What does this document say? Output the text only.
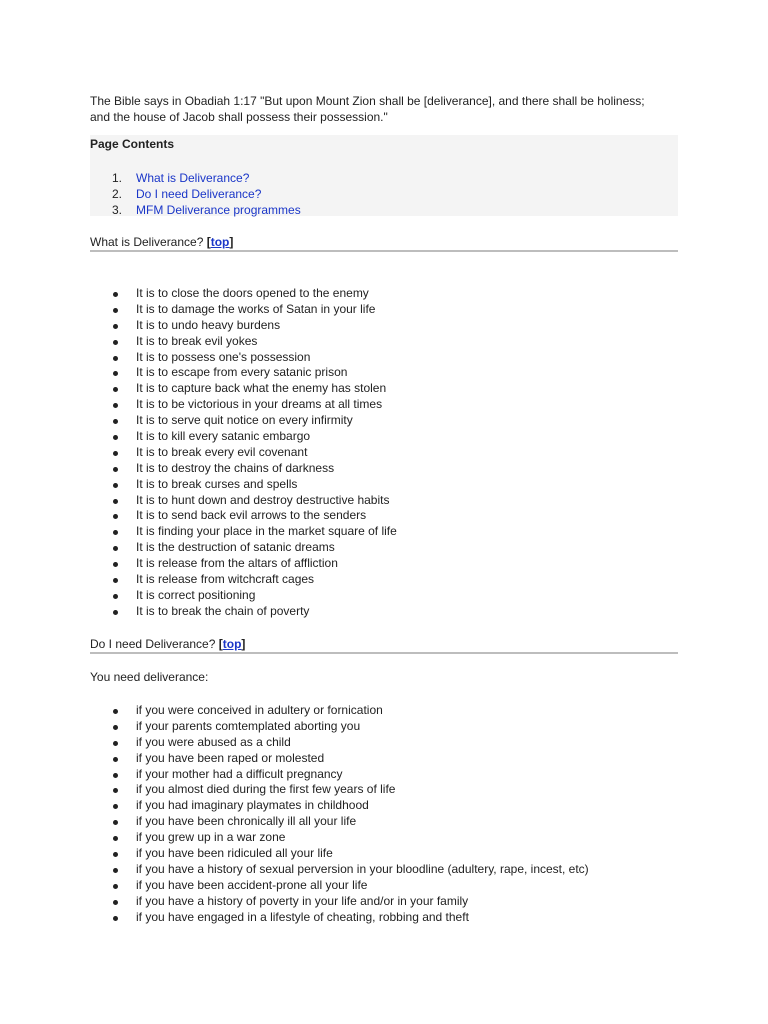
The Bible says in Obadiah 1:17 "But upon Mount Zion shall be [deliverance], and there shall be holiness;
and the house of Jacob shall possess their possession."

Page Contents

1. What is Deliverance?
2. Do I need Deliverance?
3. MFM Deliverance programmes
What is Deliverance? [top]
It is to close the doors opened to the enemy
It is to damage the works of Satan in your life
It is to undo heavy burdens
It is to break evil yokes
It is to possess one's possession
It is to escape from every satanic prison
It is to capture back what the enemy has stolen
It is to be victorious in your dreams at all times
It is to serve quit notice on every infirmity
It is to kill every satanic embargo
It is to break every evil covenant
It is to destroy the chains of darkness
It is to break curses and spells
It is to hunt down and destroy destructive habits
It is to send back evil arrows to the senders
It is finding your place in the market square of life
It is the destruction of satanic dreams
It is release from the altars of affliction
It is release from witchcraft cages
It is correct positioning
It is to break the chain of poverty
Do I need Deliverance? [top]

You need deliverance:

if you were conceived in adultery or fornication
if your parents comtemplated aborting you
if you were abused as a child
if you have been raped or molested
if your mother had a difficult pregnancy
if you almost died during the first few years of life
if you had imaginary playmates in childhood
if you have been chronically ill all your life
if you grew up in a war zone
if you have been ridiculed all your life
if you have a history of sexual perversion in your bloodline (adultery, rape, incest, etc)
if you have been accident-prone all your life
if you have a history of poverty in your life and/or in your family
if you have engaged in a lifestyle of cheating, robbing and theft
